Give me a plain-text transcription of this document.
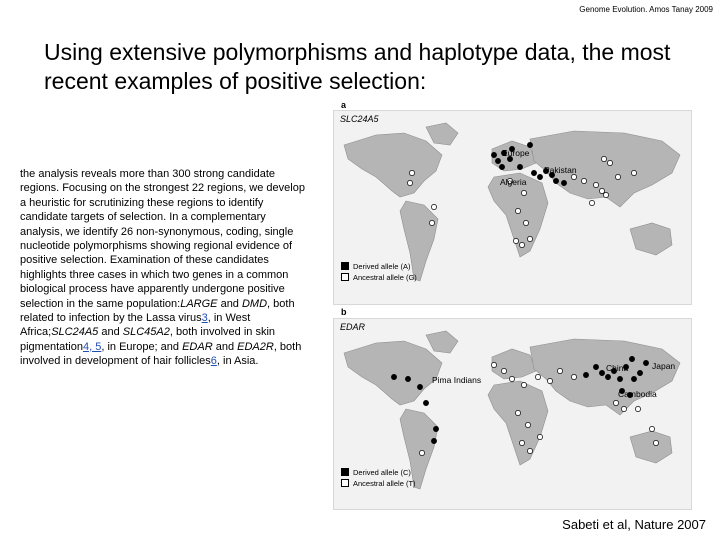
Genome Evolution. Amos Tanay 2009
Using extensive polymorphisms and haplotype data, the most recent examples of positive selection:
the analysis reveals more than 300 strong candidate regions. Focusing on the strongest 22 regions, we develop a heuristic for scrutinizing these regions to identify candidate targets of selection. In a complementary analysis, we identify 26 non-synonymous, coding, single nucleotide polymorphisms showing regional evidence of positive selection. Examination of these candidates highlights three cases in which two genes in a common biological process have apparently undergone positive selection in the same population:LARGE and DMD, both related to infection by the Lassa virus3, in West Africa;SLC24A5 and SLC45A2, both involved in skin pigmentation4, 5, in Europe; and EDAR and EDA2R, both involved in development of hair follicles6, in Asia.
a
SLC24A5
Europe
Pakistan
Algeria
Derived allele (A)
Ancestral allele (G)
b
EDAR
Pima Indians
China	Japan
Cambodia
Derived allele (C)
Ancestral allele (T)
Sabeti et al, Nature 2007
